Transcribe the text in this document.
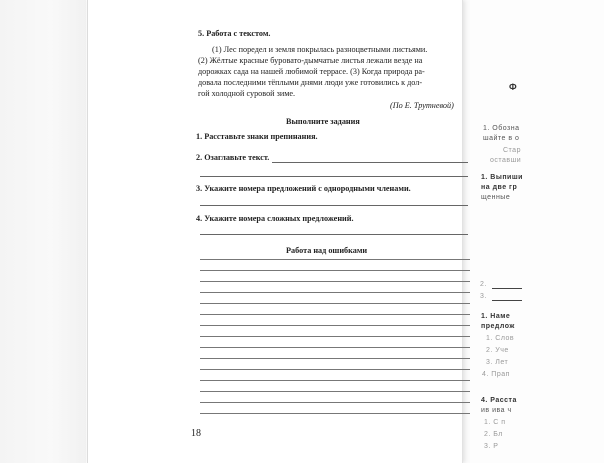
5. Работа с текстом.

(1) Лес поредел и земля покрылась разноцветными листьями.

(2) Жёлтые красные буровато-дымчатые листья лежали везде на

дорожках сада на нашей любимой террасе. (3) Когда природа ра-

довала последними тёплыми днями люди уже готовились к дол-

гой холодной суровой зиме.

(По Е. Трутневой)

Выполните задания

1. Расставьте знаки препинания.

2. Озаглавьте текст.

3. Укажите номера предложений с однородными членами.

4. Укажите номера сложных предложений.

Работа над ошибками

18
Ф
1. Обозна
шайте в о
Стар
оставши
1. Выпиши
на две гр
щенные
2.
3.
1. Наме
предлож
1. Слов
2. Уче
3. Лет
4. Прап
4. Расста
ив ива ч
1. С п
2. Бл
3. Р
